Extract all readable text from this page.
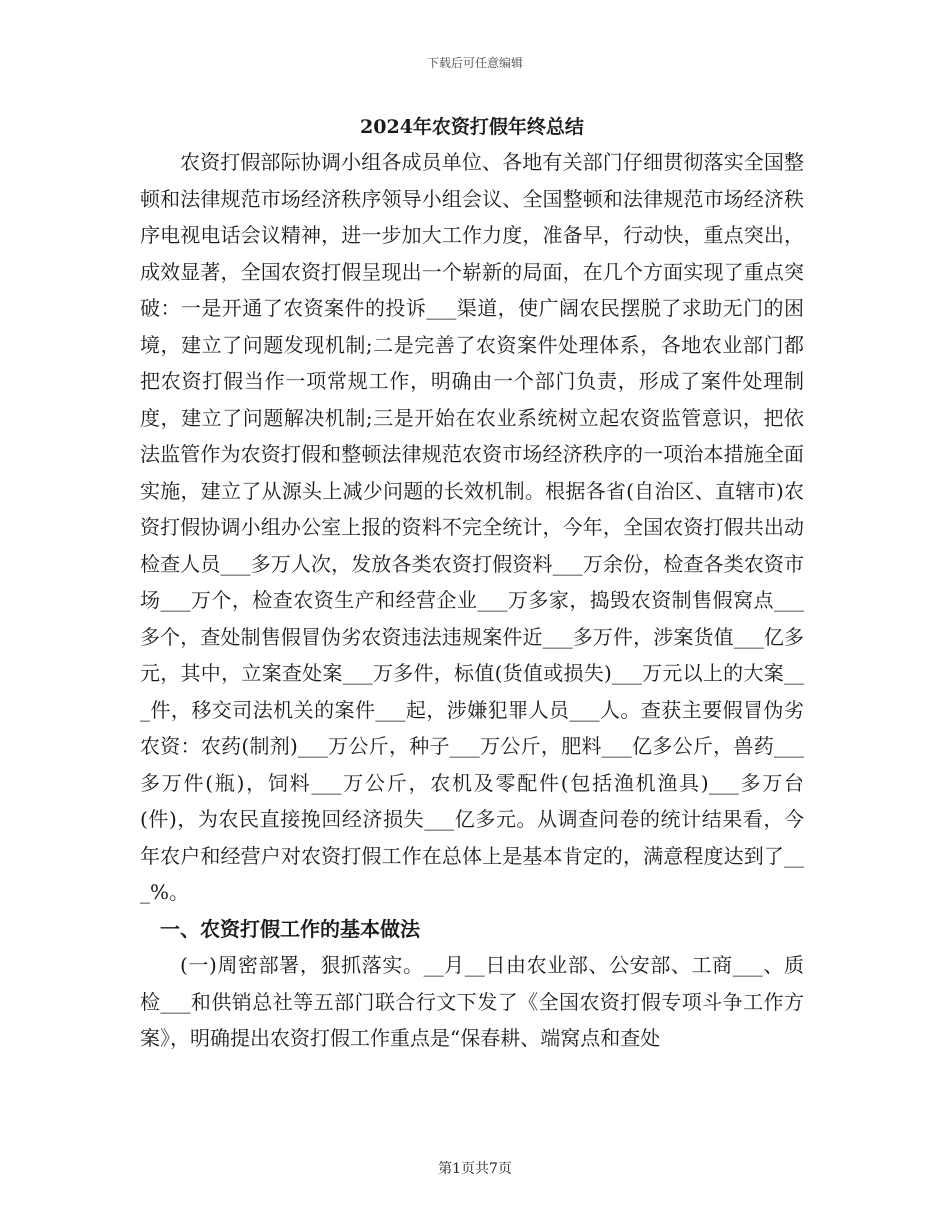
下载后可任意编辑
2024年农资打假年终总结

农资打假部际协调小组各成员单位、各地有关部门仔细贯彻落实全国整顿和法律规范市场经济秩序领导小组会议、全国整顿和法律规范市场经济秩序电视电话会议精神，进一步加大工作力度，准备早，行动快，重点突出，成效显著，全国农资打假呈现出一个崭新的局面，在几个方面实现了重点突破：一是开通了农资案件的投诉___渠道，使广阔农民摆脱了求助无门的困境，建立了问题发现机制;二是完善了农资案件处理体系，各地农业部门都把农资打假当作一项常规工作，明确由一个部门负责，形成了案件处理制度，建立了问题解决机制;三是开始在农业系统树立起农资监管意识，把依法监管作为农资打假和整顿法律规范农资市场经济秩序的一项治本措施全面实施，建立了从源头上减少问题的长效机制。根据各省(自治区、直辖市)农资打假协调小组办公室上报的资料不完全统计，今年，全国农资打假共出动检查人员___多万人次，发放各类农资打假资料___万余份，检查各类农资市场___万个，检查农资生产和经营企业___万多家，捣毁农资制售假窝点___多个，查处制售假冒伪劣农资违法违规案件近___多万件，涉案货值___亿多元，其中，立案查处案___万多件，标值(货值或损失)___万元以上的大案___件，移交司法机关的案件___起，涉嫌犯罪人员___人。查获主要假冒伪劣农资：农药(制剂)___万公斤，种子___万公斤，肥料___亿多公斤，兽药___多万件(瓶)，饲料___万公斤，农机及零配件(包括渔机渔具)___多万台(件)，为农民直接挽回经济损失___亿多元。从调查问卷的统计结果看，今年农户和经营户对农资打假工作在总体上是基本肯定的，满意程度达到了___%。

一、农资打假工作的基本做法

(一)周密部署，狠抓落实。__月__日由农业部、公安部、工商___、质检___和供销总社等五部门联合行文下发了《全国农资打假专项斗争工作方案》，明确提出农资打假工作重点是“保春耕、端窝点和查处

第1页共7页
